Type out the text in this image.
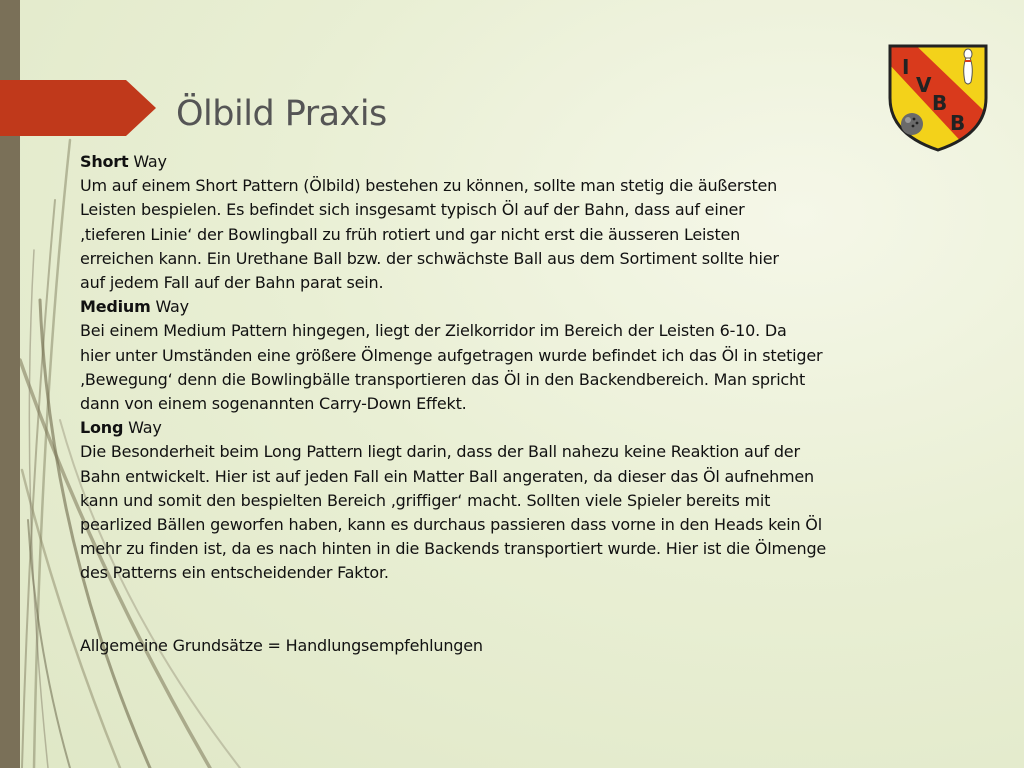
Ölbild Praxis
I
V
B
B

Short Way

Um auf einem Short Pattern (Ölbild) bestehen zu können, sollte man stetig die äußersten
Leisten bespielen. Es befindet sich insgesamt typisch Öl auf der Bahn, dass auf einer
‚tieferen Linie‘ der Bowlingball zu früh rotiert und gar nicht erst die äusseren Leisten
erreichen kann. Ein Urethane Ball bzw. der schwächste Ball aus dem Sortiment sollte hier
auf jedem Fall auf der Bahn parat sein.

Medium Way

Bei einem Medium Pattern hingegen, liegt der Zielkorridor im Bereich der Leisten 6-10. Da
hier unter Umständen eine größere Ölmenge aufgetragen wurde befindet ich das Öl in stetiger
‚Bewegung‘ denn die Bowlingbälle transportieren das Öl in den Backendbereich. Man spricht
dann von einem sogenannten Carry-Down Effekt.

Long Way

Die Besonderheit beim Long Pattern liegt darin, dass der Ball nahezu keine Reaktion auf der
Bahn entwickelt. Hier ist auf jeden Fall ein Matter Ball angeraten, da dieser das Öl aufnehmen
kann und somit den bespielten Bereich ‚griffiger‘ macht. Sollten viele Spieler bereits mit
pearlized Bällen geworfen haben, kann es durchaus passieren dass vorne in den Heads kein Öl
mehr zu finden ist, da es nach hinten in die Backends transportiert wurde. Hier ist die Ölmenge
des Patterns ein entscheidender Faktor.

Allgemeine Grundsätze = Handlungsempfehlungen
